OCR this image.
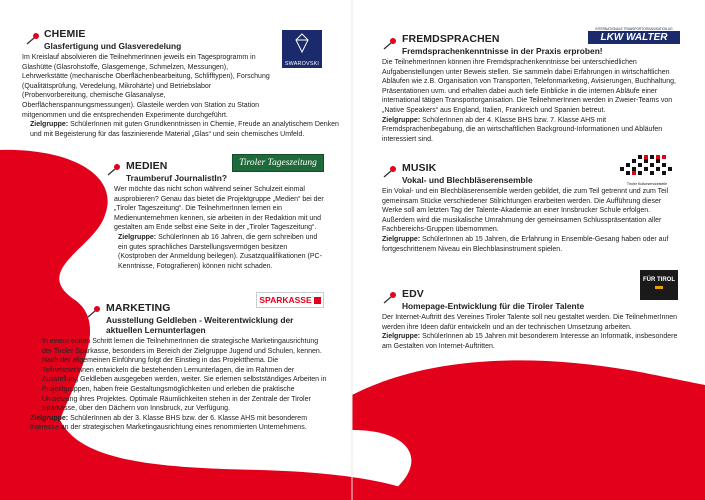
CHEMIE
Glasfertigung und Glasveredelung

Im Kreislauf absolvieren die TeilnehmerInnen jeweils ein Tagesprogramm in Glashütte (Glasrohstoffe, Glasgemenge, Schmelzen, Messungen), Lehrwerkstätte (mechanische Oberflächenbearbeitung, Schlifftypen), Forschung (Qualitätsprüfung, Veredelung, Mikrohärte) und Betriebslabor (Probenvorbereitung, chemische Glasanalyse, Oberflächenspannungsmessungen). Glasteile werden von Station zu Station mitgenommen und die entsprechenden Experimente durchgeführt.

Zielgruppe: SchülerInnen mit guten Grundkenntnissen in Chemie, Freude an analytischem Denken und mit Begeisterung für das faszinierende Material „Glas“ und sein chemisches Umfeld.

SWAROVSKI
MEDIEN
Traumberuf JournalistIn?

Wer möchte das nicht schon während seiner Schulzeit einmal ausprobieren? Genau das bietet die Projektgruppe „Medien“ bei der „Tiroler Tageszeitung“. Die TeilnehmerInnen lernen ein Medienunternehmen kennen, sie arbeiten in der Redaktion mit und gestalten am Ende selbst eine Seite in der „Tiroler Tageszeitung“.

Zielgruppe: SchülerInnen ab 16 Jahren, die gern schreiben und ein gutes sprachliches Darstellungsvermögen besitzen (Kostproben der Anmeldung beilegen). Zusatzqualifikationen (PC-Kenntnisse, Fotografieren) können nicht schaden.

Tiroler Tageszeitung
MARKETING
Ausstellung Geldleben - Weiterentwicklung der aktuellen Lernunterlagen

In einem ersten Schritt lernen die TeilnehmerInnen die strategische Marketingausrichtung der Tiroler Sparkasse, besonders im Bereich der Zielgruppe Jugend und Schulen, kennen. Nach der allgemeinen Einführung folgt der Einstieg in das Projektthema. Die TeilnehmerInnen entwickeln die bestehenden Lernunterlagen, die im Rahmen der Ausstellung Geldleben ausgegeben werden, weiter. Sie erlernen selbstständiges Arbeiten in Projektgruppen, haben freie Gestaltungsmöglichkeiten und erleben die praktische Umsetzung ihres Projektes. Optimale Räumlichkeiten stehen in der Zentrale der Tiroler Sparkasse, über den Dächern von Innsbruck, zur Verfügung.

Zielgruppe: SchülerInnen ab der 3. Klasse BHS bzw. der 6. Klasse AHS mit besonderem Interesse an der strategischen Marketingausrichtung eines renommierten Unternehmens.

SPARKASSE
FREMDSPRACHEN
Fremdsprachenkenntnisse in der Praxis erproben!

Die TeilnehmerInnen können ihre Fremdsprachenkenntnisse bei unterschiedlichen Aufgabenstellungen unter Beweis stellen. Sie sammeln dabei Erfahrungen in wirtschaftlichen Abläufen wie z.B. Organisation von Transporten, Telefonmarketing, Avisierungen, Buchhaltung, Präsentationen uvm. und erhalten dabei auch tiefe Einblicke in die internen Abläufe einer international tätigen Transportorganisation. Die TeilnehmerInnen werden in Zweier-Teams von „Native Speakers“ aus England, Italien, Frankreich und Spanien betreut.

Zielgruppe: SchülerInnen ab der 4. Klasse BHS bzw. 7. Klasse AHS mit Fremdsprachenbegabung, die an wirtschaftlichen Background-Informationen und Abläufen interessiert sind.

INTERNATIONALE TRANSPORTORGANISATION AG
LKW WALTER
MUSIK
Vokal- und Blechbläserensemble

Ein Vokal- und ein Blechbläserensemble werden gebildet, die zum Teil getrennt und zum Teil gemeinsam Stücke verschiedener Stilrichtungen erarbeiten werden. Die Aufführung dieser Werke soll am letzten Tag der Talente-Akademie an einer Innsbrucker Schule erfolgen. Außerdem wird die musikalische Umrahmung der gemeinsamen Schlusspräsentation aller Fachbereichs-Gruppen übernommen.

Zielgruppe: SchülerInnen ab 15 Jahren, die Erfahrung in Ensemble-Gesang haben oder auf fortgeschrittenem Niveau ein Blechblasinstrument spielen.

Tiroler Kulturservicestelle
EDV
Homepage-Entwicklung für die Tiroler Talente

Der Internet-Auftritt des Vereines Tiroler Talente soll neu gestaltet werden. Die TeilnehmerInnen werden ihre Ideen dafür entwickeln und an der technischen Umsetzung arbeiten.

Zielgruppe: SchülerInnen ab 15 Jahren mit besonderem Interesse an Informatik, insbesondere am Gestalten von Internet-Auftritten.

FÜR TIROL
